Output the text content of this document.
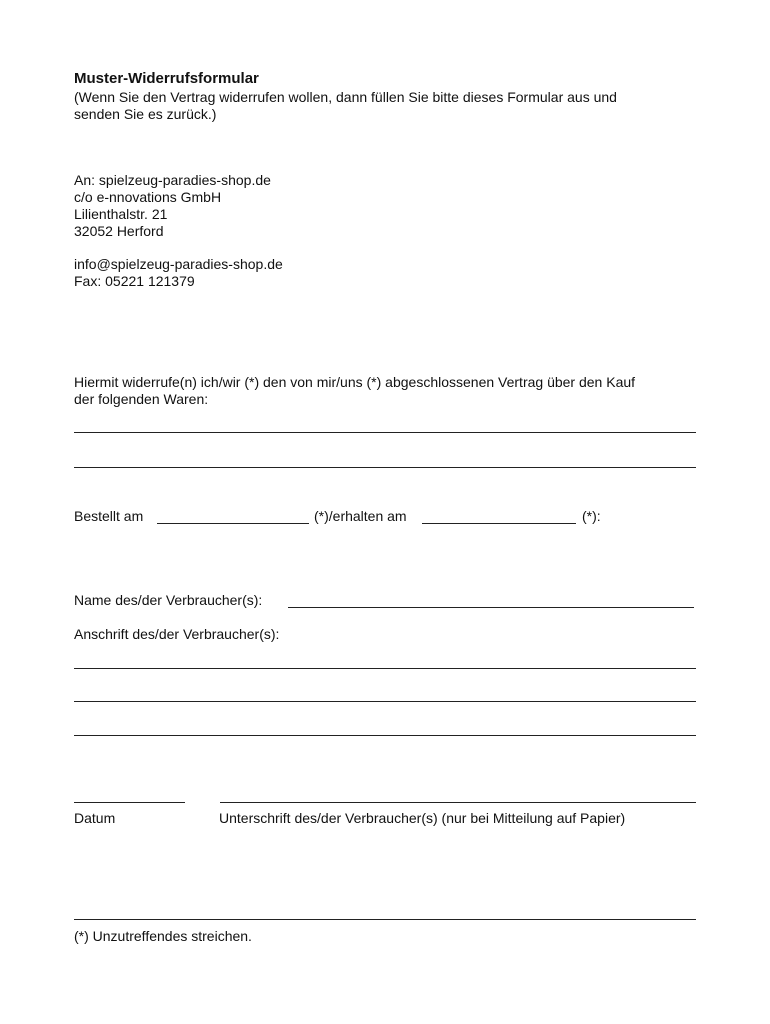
Muster-Widerrufsformular
(Wenn Sie den Vertrag widerrufen wollen, dann füllen Sie bitte dieses Formular aus und
senden Sie es zurück.)
An: spielzeug-paradies-shop.de
c/o e-nnovations GmbH
Lilienthalstr. 21
32052 Herford
info@spielzeug-paradies-shop.de
Fax: 05221 121379
Hiermit widerrufe(n) ich/wir (*) den von mir/uns (*) abgeschlossenen Vertrag über den Kauf
der folgenden Waren:
Bestellt am	(*)/erhalten am	(*):
Name des/der Verbraucher(s):
Anschrift des/der Verbraucher(s):
Datum	Unterschrift des/der Verbraucher(s) (nur bei Mitteilung auf Papier)
(*) Unzutreffendes streichen.
